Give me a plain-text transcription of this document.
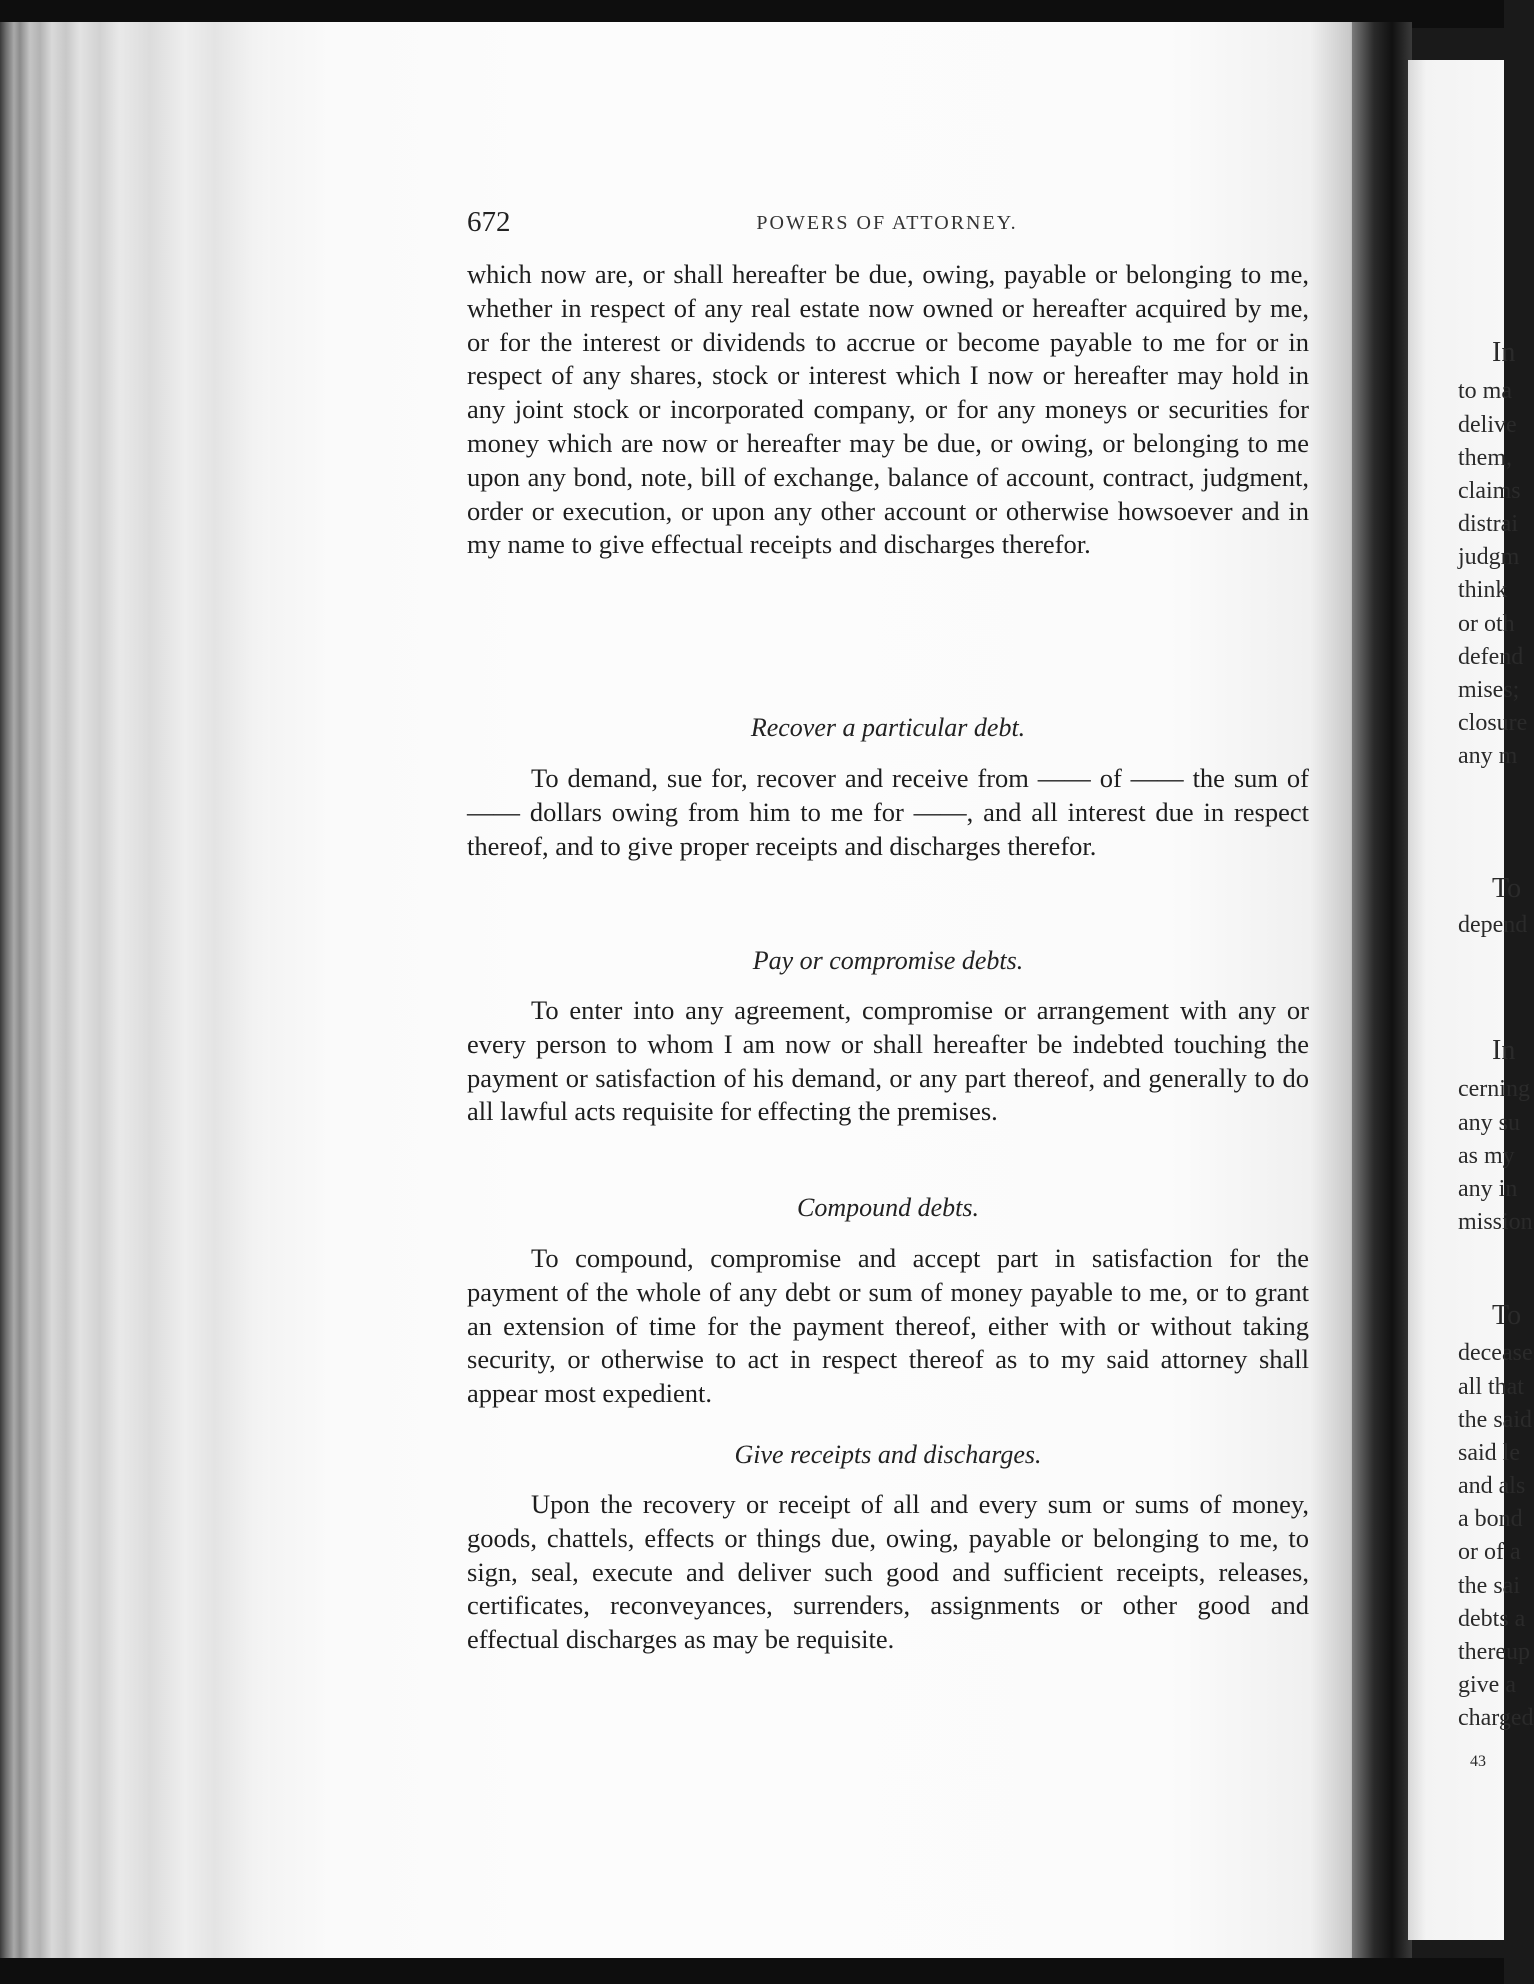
In
to ma
delive
them,
claims
distrai
judgm
think
or oth
defend
mises;
closure
any m
To
depend
In
cerning
any su
as my
any in
mission
To
decease
all that
the said
said le
and als
a bond
or of a
the sai
debts a
thereup
give a
charged
43
672	POWERS OF ATTORNEY.

which now are, or shall hereafter be due, owing, payable or belonging to me, whether in respect of any real estate now owned or hereafter acquired by me, or for the interest or dividends to accrue or become payable to me for or in respect of any shares, stock or interest which I now or hereafter may hold in any joint stock or incorporated company, or for any moneys or securities for money which are now or hereafter may be due, or owing, or belonging to me upon any bond, note, bill of exchange, balance of account, contract, judgment, order or execution, or upon any other account or otherwise howsoever and in my name to give effectual receipts and discharges therefor.

Recover a particular debt.

To demand, sue for, recover and receive from —— of —— the sum of —— dollars owing from him to me for ——, and all interest due in respect thereof, and to give proper receipts and discharges therefor.

Pay or compromise debts.

To enter into any agreement, compromise or arrangement with any or every person to whom I am now or shall hereafter be indebted touching the payment or satisfaction of his demand, or any part thereof, and generally to do all lawful acts requisite for effecting the premises.

Compound debts.

To compound, compromise and accept part in satisfaction for the payment of the whole of any debt or sum of money payable to me, or to grant an extension of time for the payment thereof, either with or without taking security, or otherwise to act in respect thereof as to my said attorney shall appear most expedient.

Give receipts and discharges.

Upon the recovery or receipt of all and every sum or sums of money, goods, chattels, effects or things due, owing, payable or belonging to me, to sign, seal, execute and deliver such good and sufficient receipts, releases, certificates, reconveyances, surrenders, assignments or other good and effectual discharges as may be requisite.
